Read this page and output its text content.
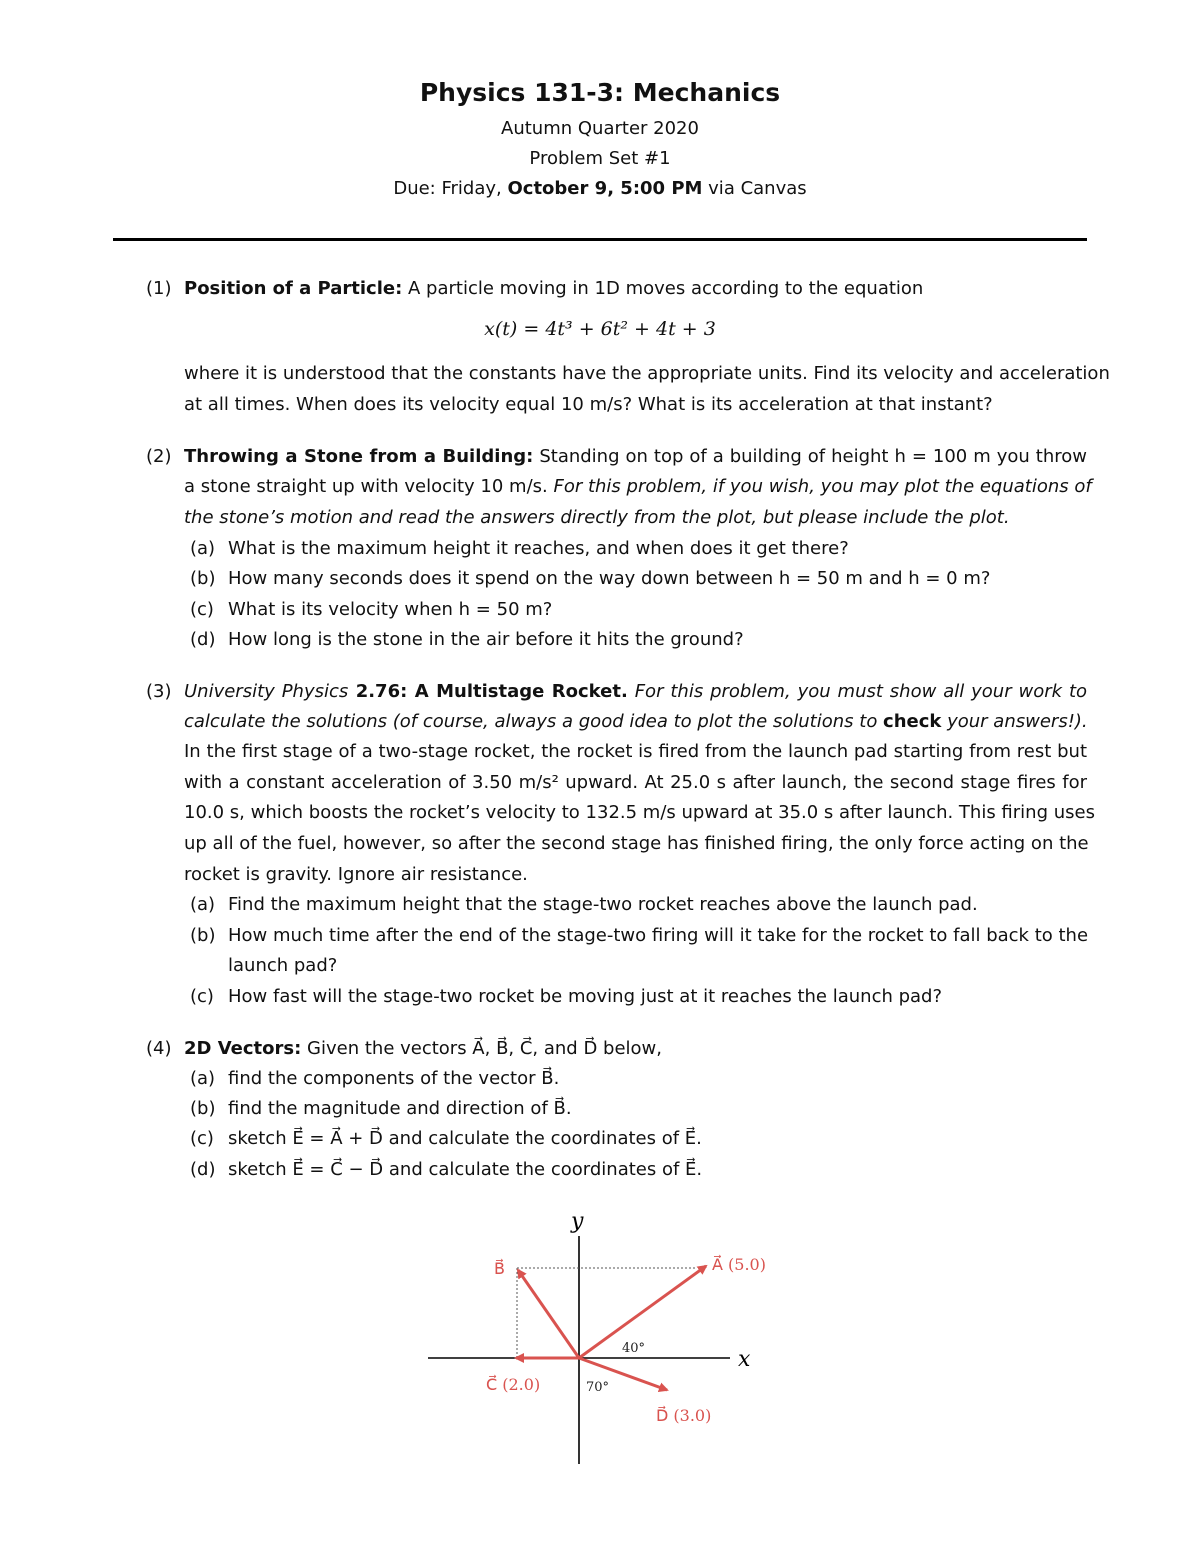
Physics 131-3: Mechanics
Autumn Quarter 2020
Problem Set #1
Due: Friday, October 9, 5:00 PM via Canvas
(1) Position of a Particle: A particle moving in 1D moves according to the equation
x(t) = 4t³ + 6t² + 4t + 3
where it is understood that the constants have the appropriate units. Find its velocity and acceleration
at all times. When does its velocity equal 10 m/s? What is its acceleration at that instant?
(2) Throwing a Stone from a Building: Standing on top of a building of height h = 100 m you throw
a stone straight up with velocity 10 m/s. For this problem, if you wish, you may plot the equations of
the stone’s motion and read the answers directly from the plot, but please include the plot.
(a) What is the maximum height it reaches, and when does it get there?
(b) How many seconds does it spend on the way down between h = 50 m and h = 0 m?
(c) What is its velocity when h = 50 m?
(d) How long is the stone in the air before it hits the ground?
(3) University Physics 2.76: A Multistage Rocket. For this problem, you must show all your work to
calculate the solutions (of course, always a good idea to plot the solutions to check your answers!).
In the first stage of a two-stage rocket, the rocket is fired from the launch pad starting from rest but
with a constant acceleration of 3.50 m/s² upward. At 25.0 s after launch, the second stage fires for
10.0 s, which boosts the rocket’s velocity to 132.5 m/s upward at 35.0 s after launch. This firing uses
up all of the fuel, however, so after the second stage has finished firing, the only force acting on the
rocket is gravity. Ignore air resistance.
(a) Find the maximum height that the stage-two rocket reaches above the launch pad.
(b) How much time after the end of the stage-two firing will it take for the rocket to fall back to the
launch pad?
(c) How fast will the stage-two rocket be moving just at it reaches the launch pad?
(4) 2D Vectors: Given the vectors A⃗, B⃗, C⃗, and D⃗ below,
(a) find the components of the vector B⃗.
(b) find the magnitude and direction of B⃗.
(c) sketch E⃗ = A⃗ + D⃗ and calculate the coordinates of E⃗.
(d) sketch E⃗ = C⃗ − D⃗ and calculate the coordinates of E⃗.
x
y
A⃗ (5.0)
B⃗
C⃗ (2.0)
D⃗ (3.0)
40°
70°
